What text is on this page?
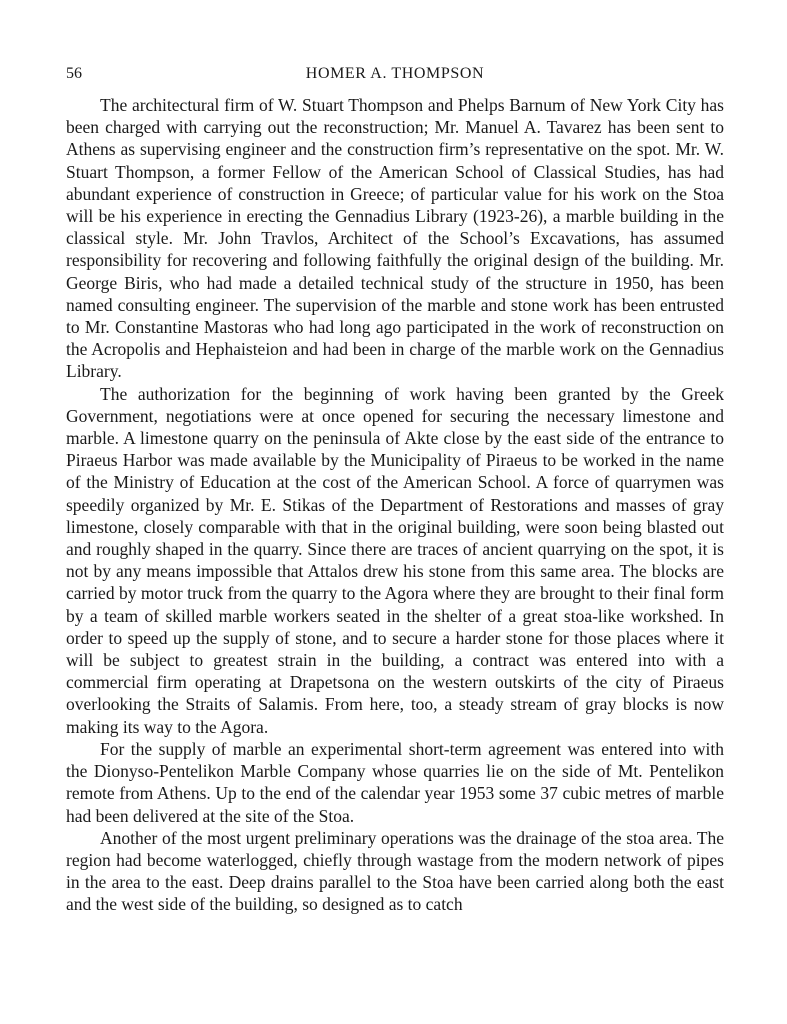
56	HOMER A. THOMPSON

The architectural firm of W. Stuart Thompson and Phelps Barnum of New York City has been charged with carrying out the reconstruction; Mr. Manuel A. Tavarez has been sent to Athens as supervising engineer and the construction firm’s representative on the spot. Mr. W. Stuart Thompson, a former Fellow of the American School of Classical Studies, has had abundant experience of construction in Greece; of particular value for his work on the Stoa will be his experience in erecting the Gennadius Library (1923-26), a marble building in the classical style. Mr. John Travlos, Architect of the School’s Excavations, has assumed responsibility for recovering and following faithfully the original design of the building. Mr. George Biris, who had made a detailed technical study of the structure in 1950, has been named consulting engineer. The supervision of the marble and stone work has been entrusted to Mr. Constantine Mastoras who had long ago participated in the work of reconstruction on the Acropolis and Hephaisteion and had been in charge of the marble work on the Gennadius Library.

The authorization for the beginning of work having been granted by the Greek Government, negotiations were at once opened for securing the necessary limestone and marble. A limestone quarry on the peninsula of Akte close by the east side of the entrance to Piraeus Harbor was made available by the Municipality of Piraeus to be worked in the name of the Ministry of Education at the cost of the American School. A force of quarrymen was speedily organized by Mr. E. Stikas of the Department of Restorations and masses of gray limestone, closely comparable with that in the original building, were soon being blasted out and roughly shaped in the quarry. Since there are traces of ancient quarrying on the spot, it is not by any means impossible that Attalos drew his stone from this same area. The blocks are carried by motor truck from the quarry to the Agora where they are brought to their final form by a team of skilled marble workers seated in the shelter of a great stoa-like workshed. In order to speed up the supply of stone, and to secure a harder stone for those places where it will be subject to greatest strain in the building, a contract was entered into with a commercial firm operating at Drapetsona on the western outskirts of the city of Piraeus overlooking the Straits of Salamis. From here, too, a steady stream of gray blocks is now making its way to the Agora.

For the supply of marble an experimental short-term agreement was entered into with the Dionyso-Pentelikon Marble Company whose quarries lie on the side of Mt. Pentelikon remote from Athens. Up to the end of the calendar year 1953 some 37 cubic metres of marble had been delivered at the site of the Stoa.

Another of the most urgent preliminary operations was the drainage of the stoa area. The region had become waterlogged, chiefly through wastage from the modern network of pipes in the area to the east. Deep drains parallel to the Stoa have been carried along both the east and the west side of the building, so designed as to catch
